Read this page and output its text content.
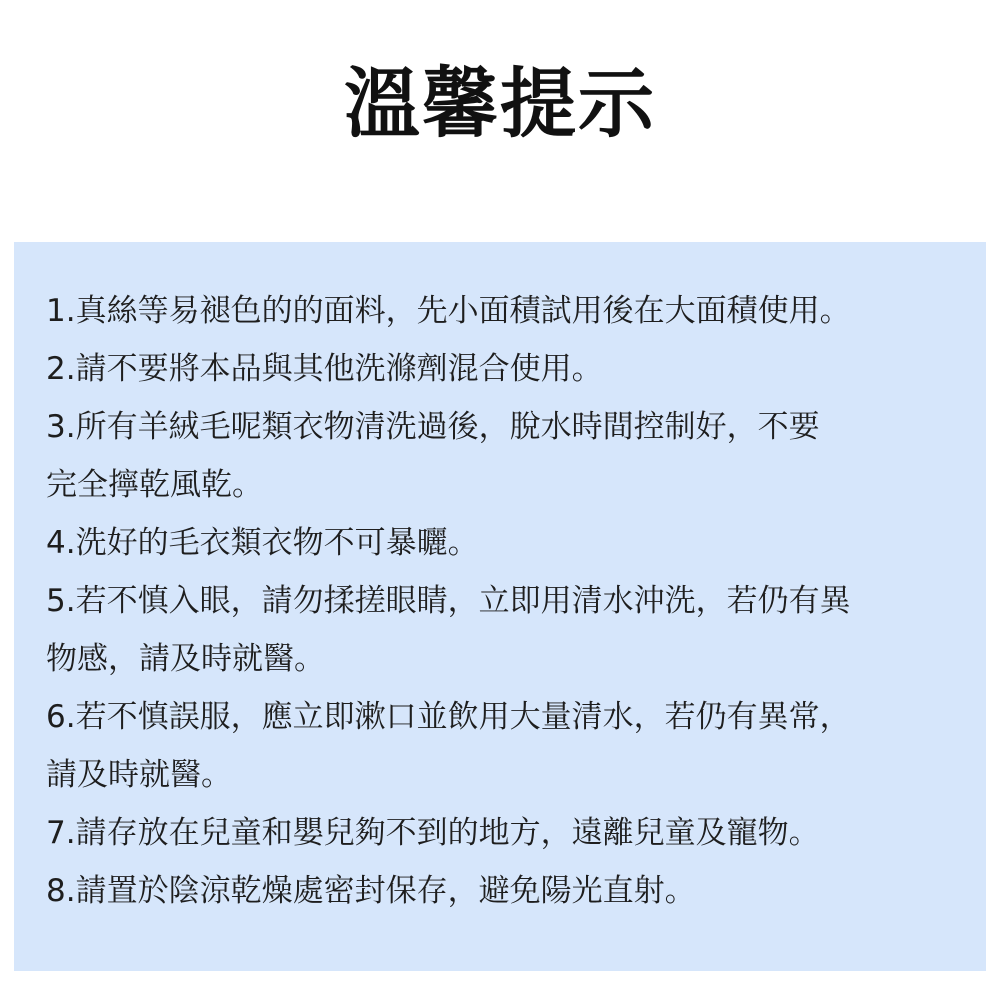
溫馨提示
1.真絲等易褪色的的面料，先小面積試用後在大面積使用。
2.請不要將本品與其他洗滌劑混合使用。
3.所有羊絨毛呢類衣物清洗過後，脫水時間控制好，不要
完全擰乾風乾。
4.洗好的毛衣類衣物不可暴曬。
5.若不慎入眼，請勿揉搓眼睛，立即用清水沖洗，若仍有異
物感，請及時就醫。
6.若不慎誤服，應立即漱口並飲用大量清水，若仍有異常，
請及時就醫。
7.請存放在兒童和嬰兒夠不到的地方，遠離兒童及寵物。
8.請置於陰涼乾燥處密封保存，避免陽光直射。
